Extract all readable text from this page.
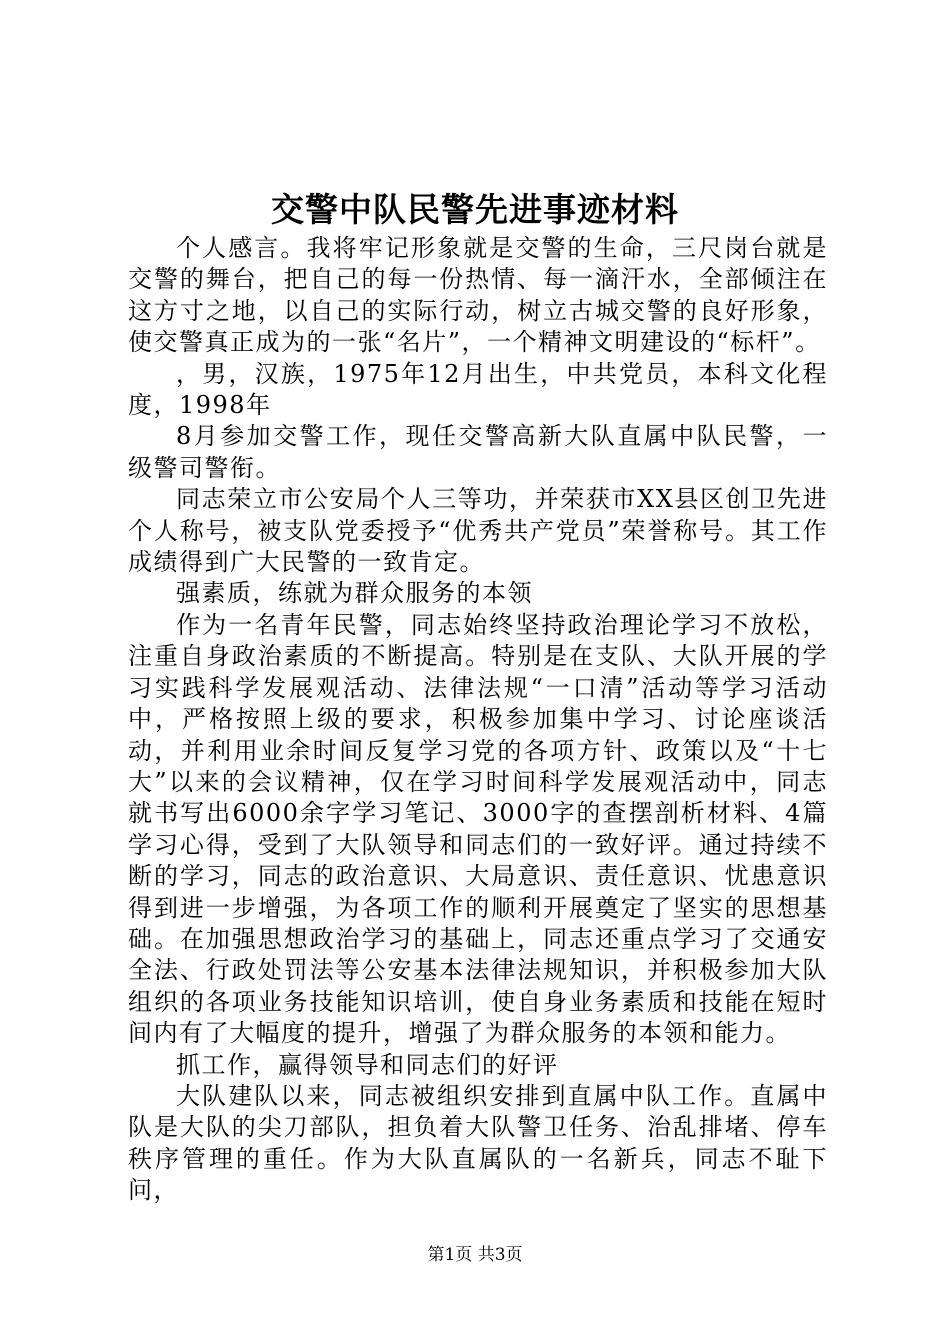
交警中队民警先进事迹材料

个人感言。我将牢记形象就是交警的生命，三尺岗台就是交警的舞台，把自己的每一份热情、每一滴汗水，全部倾注在这方寸之地，以自己的实际行动，树立古城交警的良好形象，使交警真正成为的一张“名片”，一个精神文明建设的“标杆”。

，男，汉族，1975年12月出生，中共党员，本科文化程度，1998年

8月参加交警工作，现任交警高新大队直属中队民警，一级警司警衔。

同志荣立市公安局个人三等功，并荣获市XX县区创卫先进个人称号，被支队党委授予“优秀共产党员”荣誉称号。其工作成绩得到广大民警的一致肯定。

强素质，练就为群众服务的本领

作为一名青年民警，同志始终坚持政治理论学习不放松，注重自身政治素质的不断提高。特别是在支队、大队开展的学习实践科学发展观活动、法律法规“一口清”活动等学习活动中，严格按照上级的要求，积极参加集中学习、讨论座谈活动，并利用业余时间反复学习党的各项方针、政策以及“十七大”以来的会议精神，仅在学习时间科学发展观活动中，同志就书写出6000余字学习笔记、3000字的查摆剖析材料、4篇学习心得，受到了大队领导和同志们的一致好评。通过持续不断的学习，同志的政治意识、大局意识、责任意识、忧患意识得到进一步增强，为各项工作的顺利开展奠定了坚实的思想基础。在加强思想政治学习的基础上，同志还重点学习了交通安全法、行政处罚法等公安基本法律法规知识，并积极参加大队组织的各项业务技能知识培训，使自身业务素质和技能在短时间内有了大幅度的提升，增强了为群众服务的本领和能力。

抓工作，赢得领导和同志们的好评

大队建队以来，同志被组织安排到直属中队工作。直属中队是大队的尖刀部队，担负着大队警卫任务、治乱排堵、停车秩序管理的重任。作为大队直属队的一名新兵，同志不耻下问，

第1页 共3页
